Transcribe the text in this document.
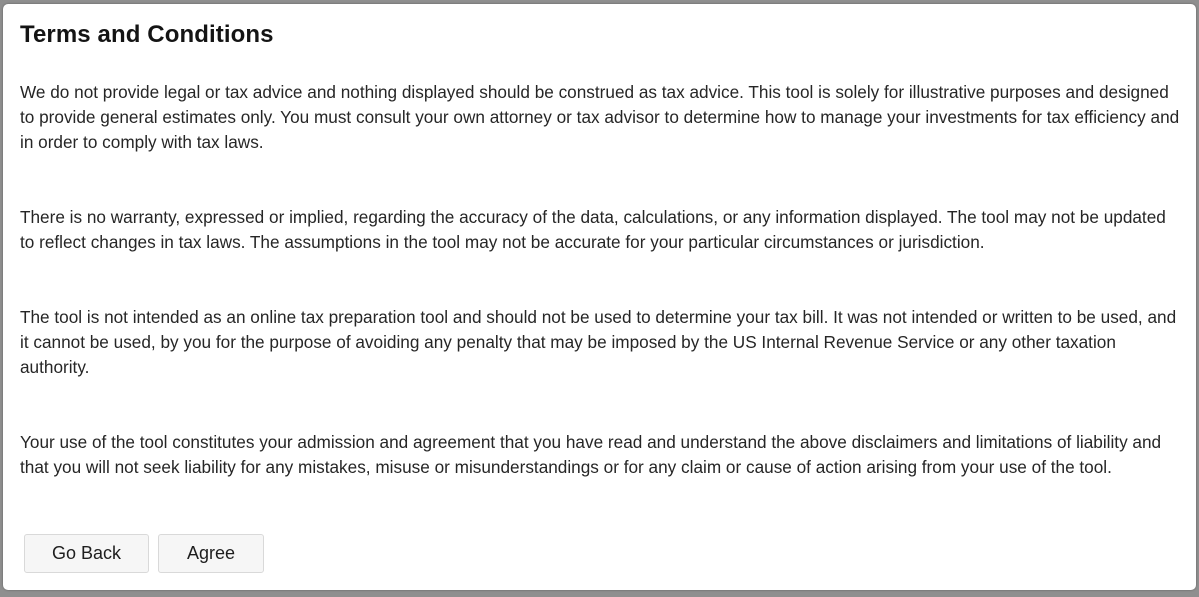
Terms and Conditions

We do not provide legal or tax advice and nothing displayed should be construed as tax advice. This tool is solely for illustrative purposes and designed to provide general estimates only. You must consult your own attorney or tax advisor to determine how to manage your investments for tax efficiency and in order to comply with tax laws.

There is no warranty, expressed or implied, regarding the accuracy of the data, calculations, or any information displayed. The tool may not be updated to reflect changes in tax laws. The assumptions in the tool may not be accurate for your particular circumstances or jurisdiction.

The tool is not intended as an online tax preparation tool and should not be used to determine your tax bill. It was not intended or written to be used, and it cannot be used, by you for the purpose of avoiding any penalty that may be imposed by the US Internal Revenue Service or any other taxation authority.

Your use of the tool constitutes your admission and agreement that you have read and understand the above disclaimers and limitations of liability and that you will not seek liability for any mistakes, misuse or misunderstandings or for any claim or cause of action arising from your use of the tool.

Go Back	Agree
